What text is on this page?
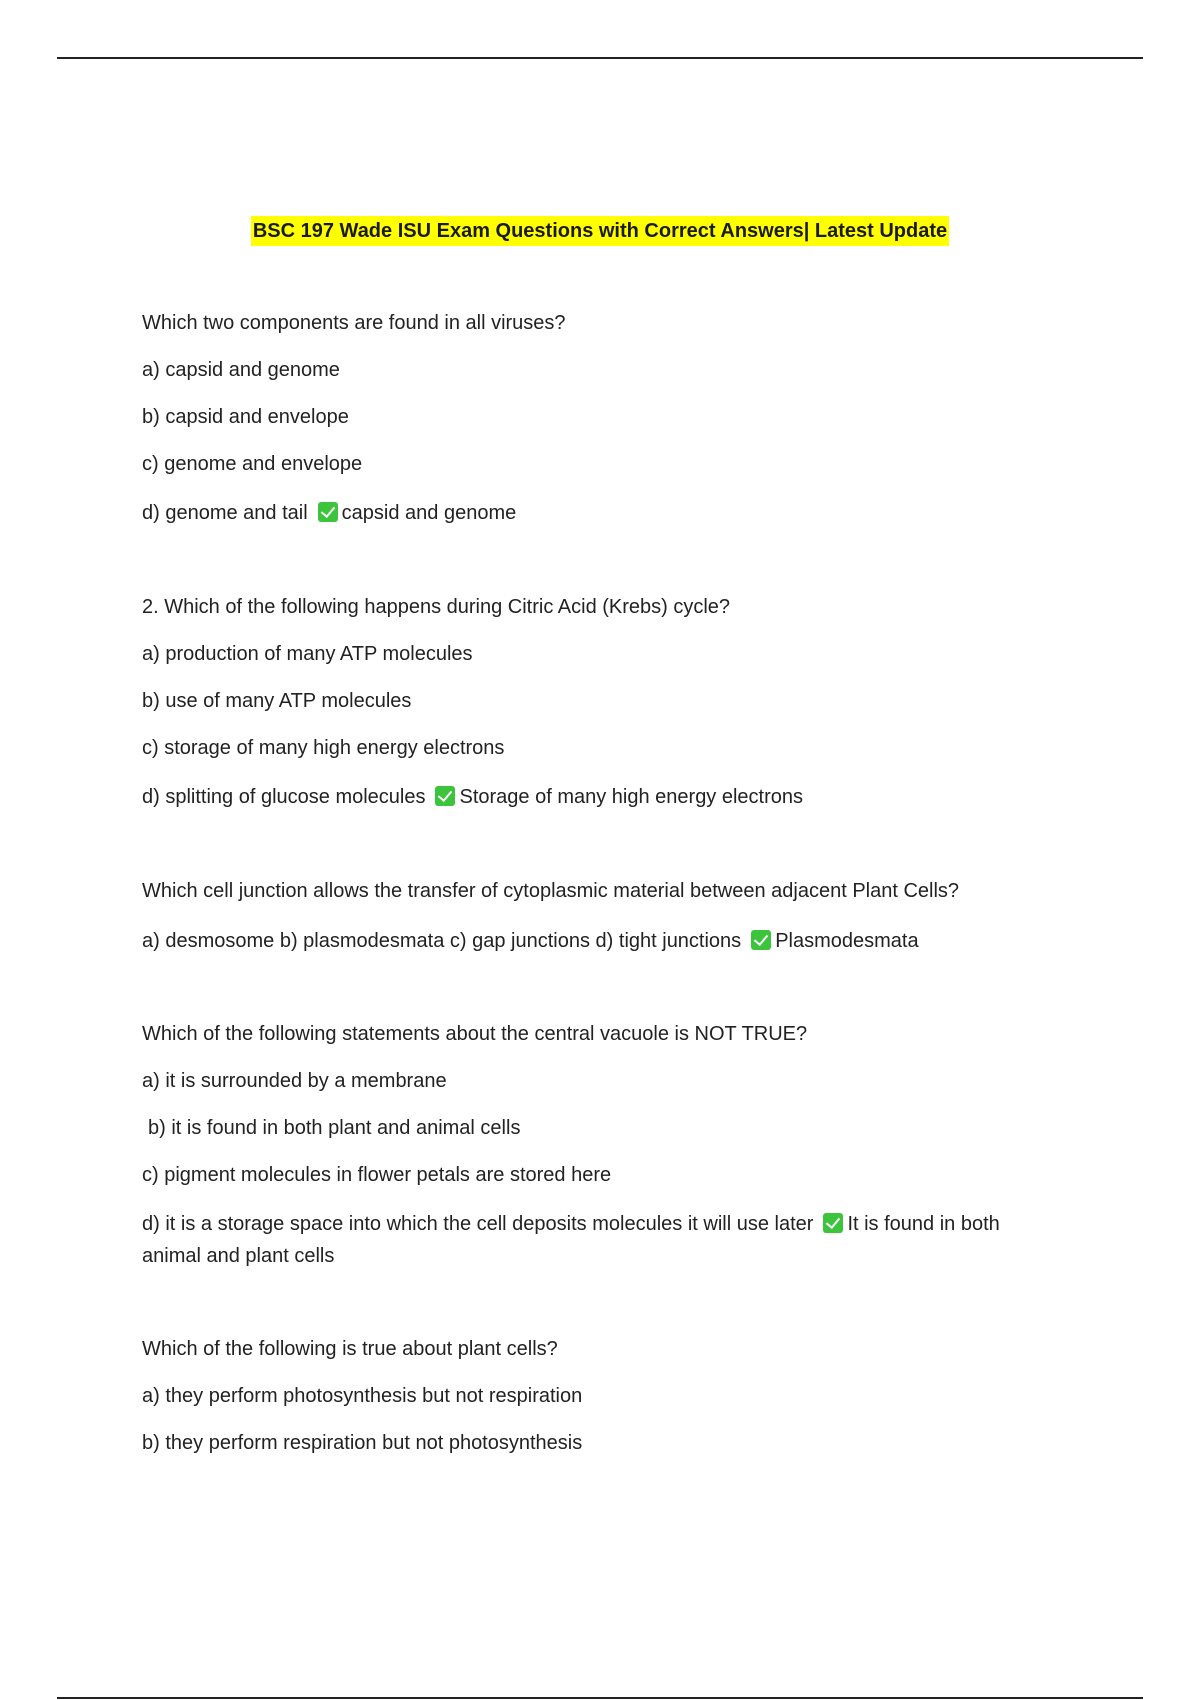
BSC 197 Wade ISU Exam Questions with Correct Answers| Latest Update
Which two components are found in all viruses?
a) capsid and genome
b) capsid and envelope
c) genome and envelope
d) genome and tail capsid and genome
2. Which of the following happens during Citric Acid (Krebs) cycle?
a) production of many ATP molecules
b) use of many ATP molecules
c) storage of many high energy electrons
d) splitting of glucose molecules Storage of many high energy electrons
Which cell junction allows the transfer of cytoplasmic material between adjacent Plant Cells?
a) desmosome b) plasmodesmata c) gap junctions d) tight junctions Plasmodesmata
Which of the following statements about the central vacuole is NOT TRUE?
a) it is surrounded by a membrane
b) it is found in both plant and animal cells
c) pigment molecules in flower petals are stored here
d) it is a storage space into which the cell deposits molecules it will use later It is found in both animal and plant cells
Which of the following is true about plant cells?
a) they perform photosynthesis but not respiration
b) they perform respiration but not photosynthesis
